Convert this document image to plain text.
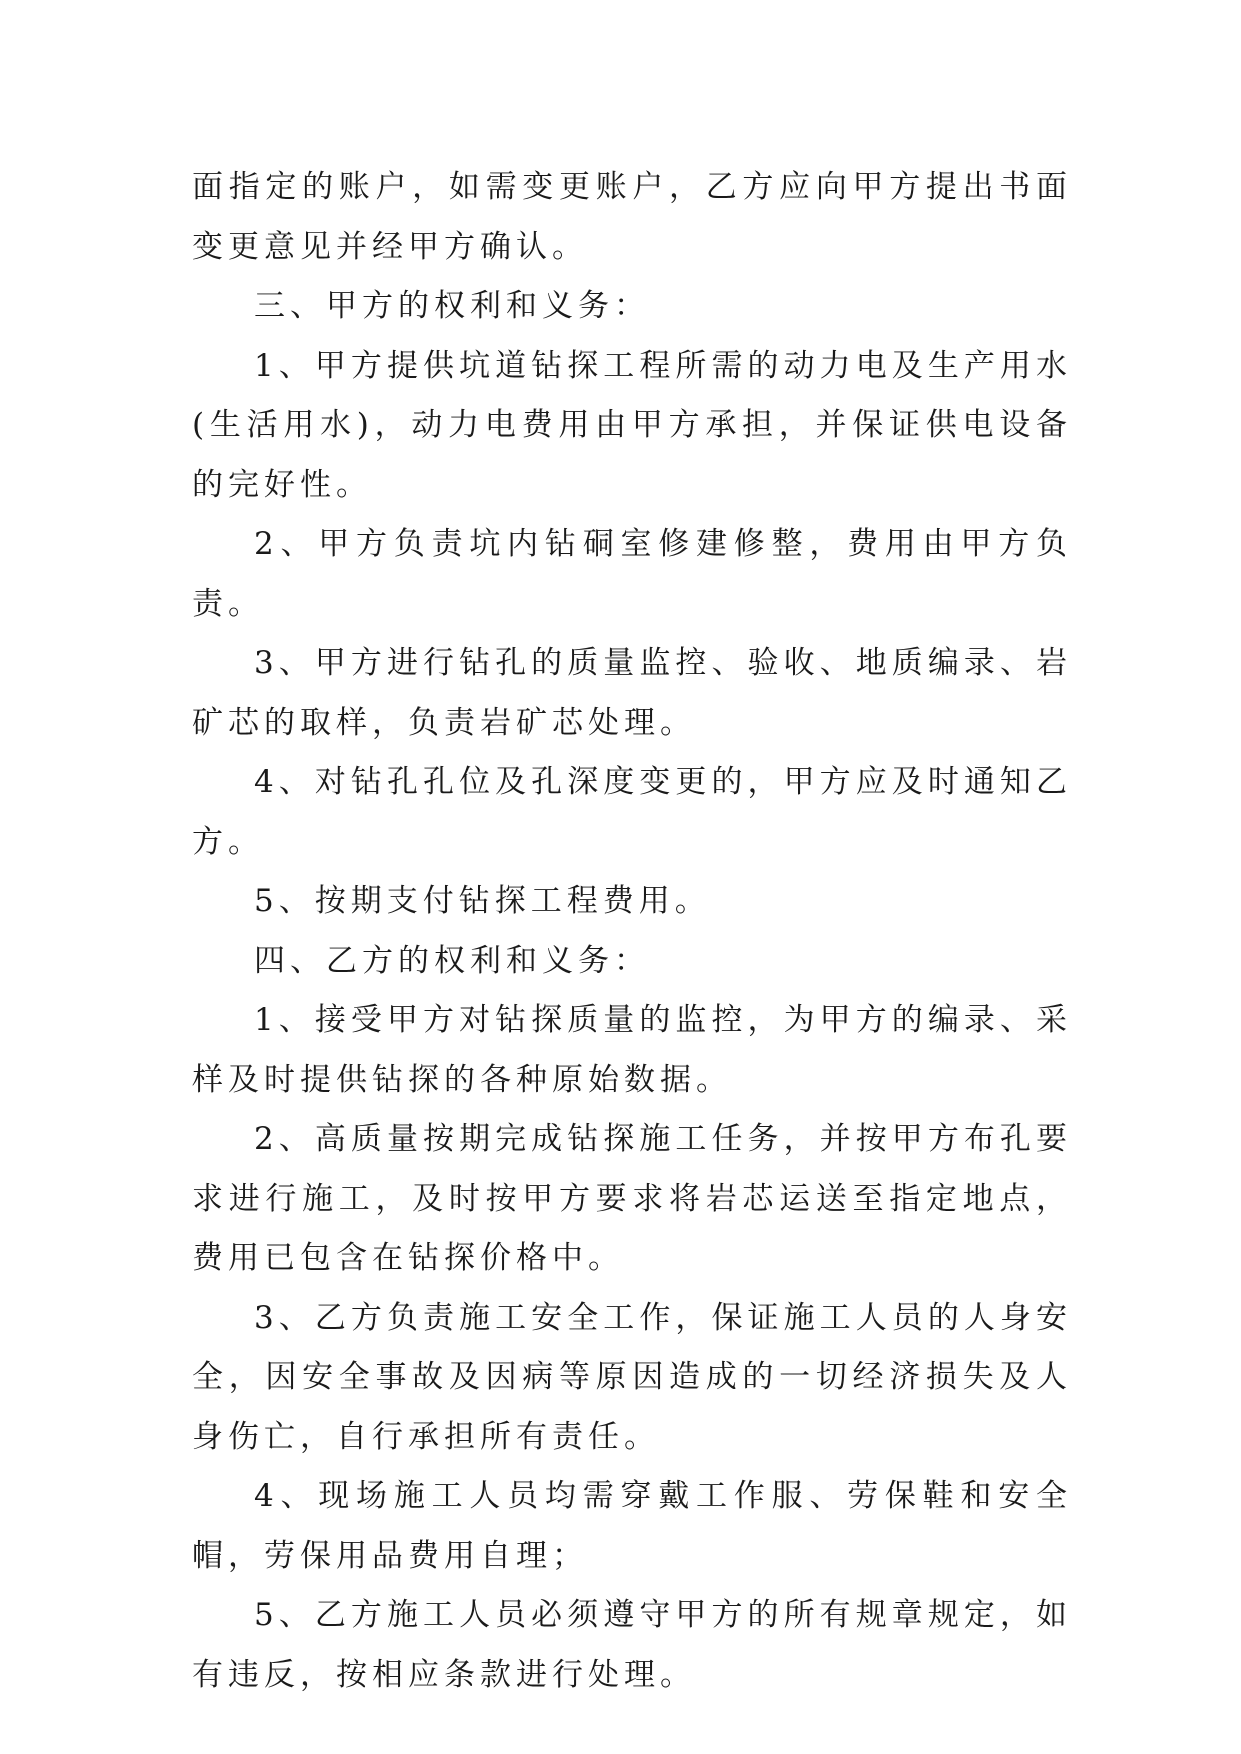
面指定的账户，如需变更账户，乙方应向甲方提出书面变更意见并经甲方确认。

三、甲方的权利和义务：

1、甲方提供坑道钻探工程所需的动力电及生产用水(生活用水)，动力电费用由甲方承担，并保证供电设备的完好性。

2、甲方负责坑内钻硐室修建修整，费用由甲方负责。

3、甲方进行钻孔的质量监控、验收、地质编录、岩矿芯的取样，负责岩矿芯处理。

4、对钻孔孔位及孔深度变更的，甲方应及时通知乙方。

5、按期支付钻探工程费用。

四、乙方的权利和义务：

1、接受甲方对钻探质量的监控，为甲方的编录、采样及时提供钻探的各种原始数据。

2、高质量按期完成钻探施工任务，并按甲方布孔要求进行施工，及时按甲方要求将岩芯运送至指定地点，费用已包含在钻探价格中。

3、乙方负责施工安全工作，保证施工人员的人身安全，因安全事故及因病等原因造成的一切经济损失及人身伤亡，自行承担所有责任。

4、现场施工人员均需穿戴工作服、劳保鞋和安全帽，劳保用品费用自理；

5、乙方施工人员必须遵守甲方的所有规章规定，如有违反，按相应条款进行处理。
